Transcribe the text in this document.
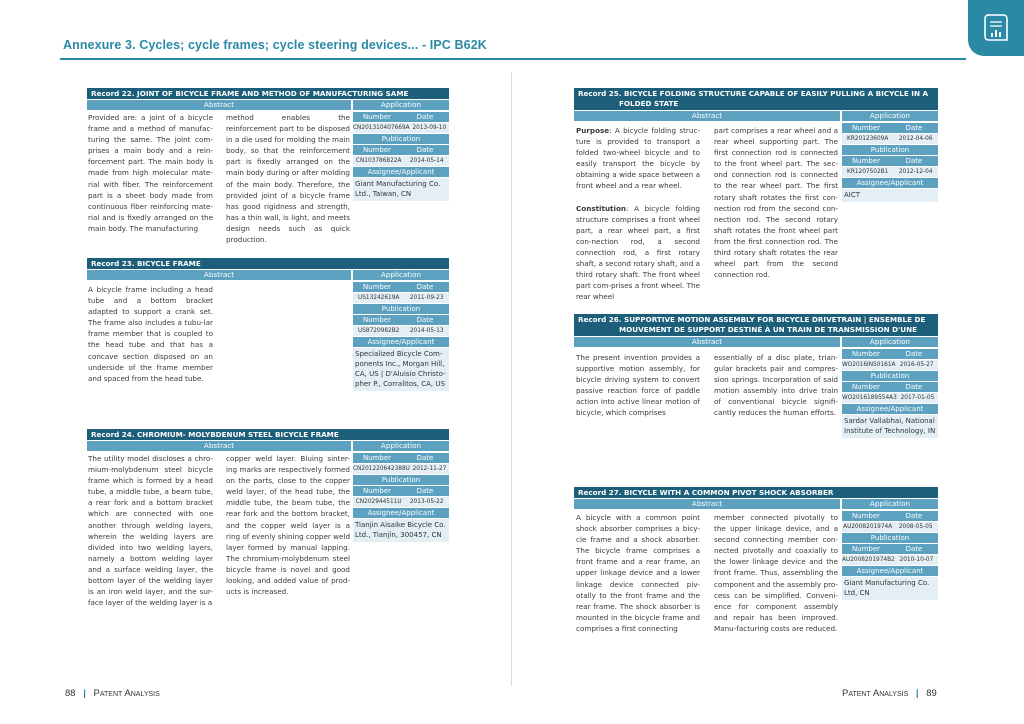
Annexure 3. Cycles; cycle frames; cycle steering devices... - IPC B62K
Record 22. JOINT OF BICYCLE FRAME AND METHOD OF MANUFACTURING SAME
Abstract	Application
Provided are: a joint of a bicycle frame and a method of manufac-turing the same. The joint com-prises a main body and a rein-forcement part. The main body is made from high molecular mate-rial with fiber. The reinforcement part is a sheet body made from continuous fiber reinforcing mate-rial and is fixedly arranged on the main body. The manufacturing
method enables the reinforcement part to be disposed in a die used for molding the main body, so that the reinforcement part is fixedly arranged on the main body during or after molding of the main body. Therefore, the provided joint of a bicycle frame has good rigidness and strength, has a thin wall, is light, and meets design needs such as quick production.
Number	Date
CN201310407669A 2013-09-10
Publication
Number	Date
CN103786822A	2014-05-14
Assignee/Applicant
Giant Manufacturing Co. Ltd., Taiwan, CN
Record 23. BICYCLE FRAME
Abstract	Application
A bicycle frame including a head tube and a bottom bracket adapted to support a crank set. The frame also includes a tubu-lar frame member that is coupled to the head tube and that has a concave section disposed on an underside of the frame member and spaced from the head tube.
Number	Date
US13242619A	2011-09-23
Publication
Number	Date
US8720982B2	2014-05-13
Assignee/Applicant
Specialized Bicycle Com-ponents Inc., Morgan Hill, CA, US | D'Aluisio Christo-pher P., Corralitos, CA, US
Record 24. CHROMIUM- MOLYBDENUM STEEL BICYCLE FRAME
Abstract	Application
The utility model discloses a chro-mium-molybdenum steel bicycle frame which is formed by a head tube, a middle tube, a beam tube, a rear fork and a bottom bracket which are connected with one another through welding layers, wherein the welding layers are divided into two welding layers, namely a bottom welding layer and a surface welding layer, the bottom layer of the welding layer is an iron weld layer, and the sur-face layer of the welding layer is a
copper weld layer. Bluing sinter-ing marks are respectively formed on the parts, close to the copper weld layer, of the head tube, the middle tube, the beam tube, the rear fork and the bottom bracket, and the copper weld layer is a ring of evenly shining copper weld layer formed by manual lapping. The chromium-molybdenum steel bicycle frame is novel and good looking, and added value of prod-ucts is increased.
Number	Date
CN201220642388U 2012-11-27
Publication
Number	Date
CN202944511U	2013-05-22
Assignee/Applicant
Tianjin Aisaike Bicycle Co. Ltd., Tianjin, 300457, CN
Record 25. BICYCLE FOLDING STRUCTURE CAPABLE OF EASILY PULLING A BICYCLE IN A
FOLDED STATE
Abstract	Application

Purpose: A bicycle folding struc-ture is provided to transport a folded two-wheel bicycle and to easily transport the bicycle by obtaining a wide space between a front wheel and a rear wheel.

Constitution: A bicycle folding structure comprises a front wheel part, a rear wheel part, a first con-nection rod, a second connection rod, a first rotary shaft, a second rotary shaft, and a third rotary shaft. The front wheel part com-prises a front wheel. The rear wheel

part comprises a rear wheel and a rear wheel supporting part. The first connection rod is connected to the front wheel part. The sec-ond connection rod is connected to the rear wheel part. The first rotary shaft rotates the first con-nection rod from the second con-nection rod. The second rotary shaft rotates the front wheel part from the first connection rod. The third rotary shaft rotates the rear wheel part from the second connection rod.
Number	Date
KR20123609A	2012-04-06
Publication
Number	Date
KR1207502B1	2012-12-04
Assignee/Applicant
AICT
Record 26. SUPPORTIVE MOTION ASSEMBLY FOR BICYCLE DRIVETRAIN | ENSEMBLE DE
MOUVEMENT DE SUPPORT DESTINÉ À UN TRAIN DE TRANSMISSION D'UNE
Abstract	Application
The present invention provides a supportive motion assembly, for bicycle driving system to convert passive reaction force of paddle action into active linear motion of bicycle, which comprises
essentially of a disc plate, trian-gular brackets pair and compres-sion springs. Incorporation of said motion assembly into drive train of conventional bicycle signifi-cantly reduces the human efforts.
Number	Date
WO2016IN50161A 2016-05-27
Publication
Number	Date
WO2016189554A3 2017-01-05
Assignee/Applicant
Sardar Vallabhai, National Institute of Technology, IN
Record 27. BICYCLE WITH A COMMON PIVOT SHOCK ABSORBER
Abstract	Application
A bicycle with a common point shock absorber comprises a bicy-cle frame and a shock absorber. The bicycle frame comprises a front frame and a rear frame, an upper linkage device and a lower linkage device connected piv-otally to the front frame and the rear frame. The shock absorber is mounted in the bicycle frame and comprises a first connecting
member connected pivotally to the upper linkage device, and a second connecting member con-nected pivotally and coaxially to the lower linkage device and the front frame. Thus, assembling the component and the assembly pro-cess can be simplified. Conveni-ence for component assembly and repair has been improved. Manu-facturing costs are reduced.
Number	Date
AU2008201974A	2008-05-05
Publication
Number	Date
AU2008201974B2 2010-10-07
Assignee/Applicant
Giant Manufacturing Co. Ltd, CN
88 | Patent Analysis	Patent Analysis | 89
